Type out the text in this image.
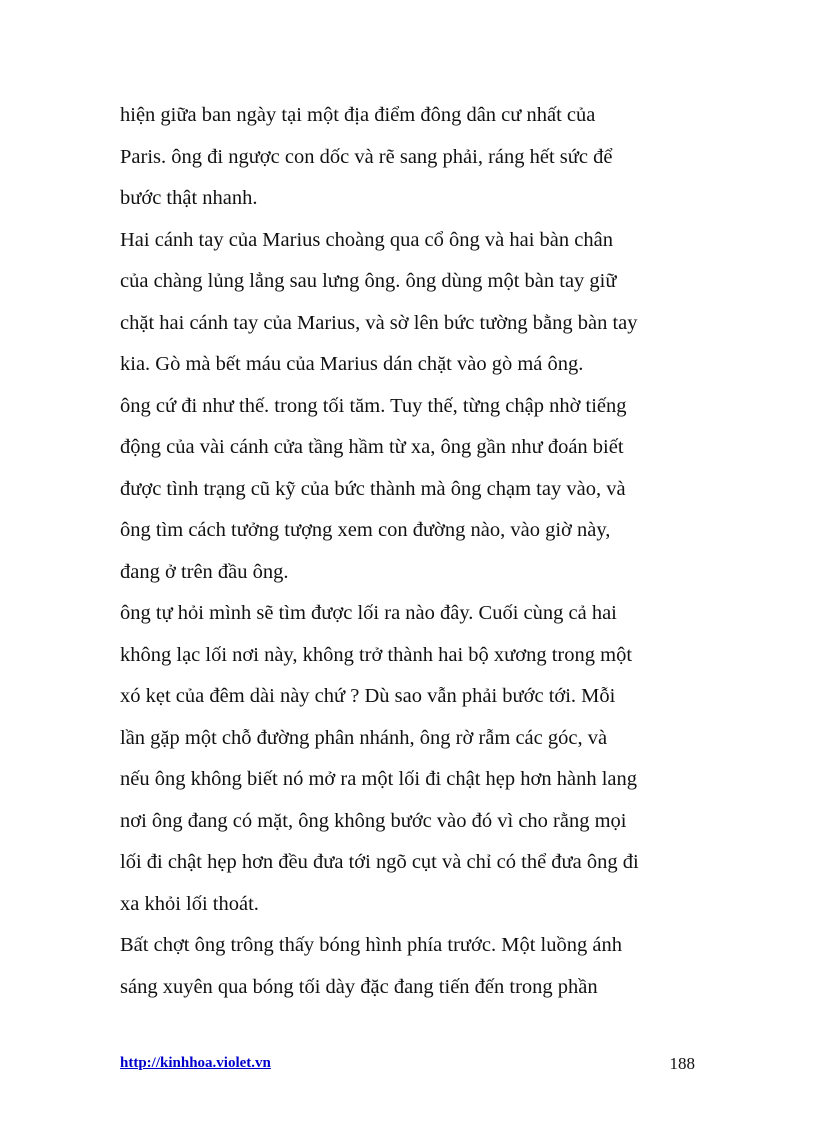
hiện giữa ban ngày tại một địa điểm đông dân cư nhất của
Paris. ông đi ngược con dốc và rẽ sang phải, ráng hết sức để
bước thật nhanh.
Hai cánh tay của Marius choàng qua cổ ông và hai bàn chân
của chàng lủng lẳng sau lưng ông. ông dùng một bàn tay giữ
chặt hai cánh tay của Marius, và sờ lên bức tường bằng bàn tay
kia. Gò mà bết máu của Marius dán chặt vào gò má ông.
ông cứ đi như thế. trong tối tăm. Tuy thế, từng chập nhờ tiếng
động của vài cánh cửa tầng hầm từ xa, ông gần như đoán biết
được tình trạng cũ kỹ của bức thành mà ông chạm tay vào, và
ông tìm cách tưởng tượng xem con đường nào, vào giờ này,
đang ở trên đầu ông.
ông tự hỏi mình sẽ tìm được lối ra nào đây. Cuối cùng cả hai
không lạc lối nơi này, không trở thành hai bộ xương trong một
xó kẹt của đêm dài này chứ ? Dù sao vẫn phải bước tới. Mỗi
lần gặp một chỗ đường phân nhánh, ông rờ rẫm các góc, và
nếu ông không biết nó mở ra một lối đi chật hẹp hơn hành lang
nơi ông đang có mặt, ông không bước vào đó vì cho rằng mọi
lối đi chật hẹp hơn đều đưa tới ngõ cụt và chỉ có thể đưa ông đi
xa khỏi lối thoát.
Bất chợt ông trông thấy bóng hình phía trước. Một luồng ánh
sáng xuyên qua bóng tối dày đặc đang tiến đến trong phần
http://kinhhoa.violet.vn	188
